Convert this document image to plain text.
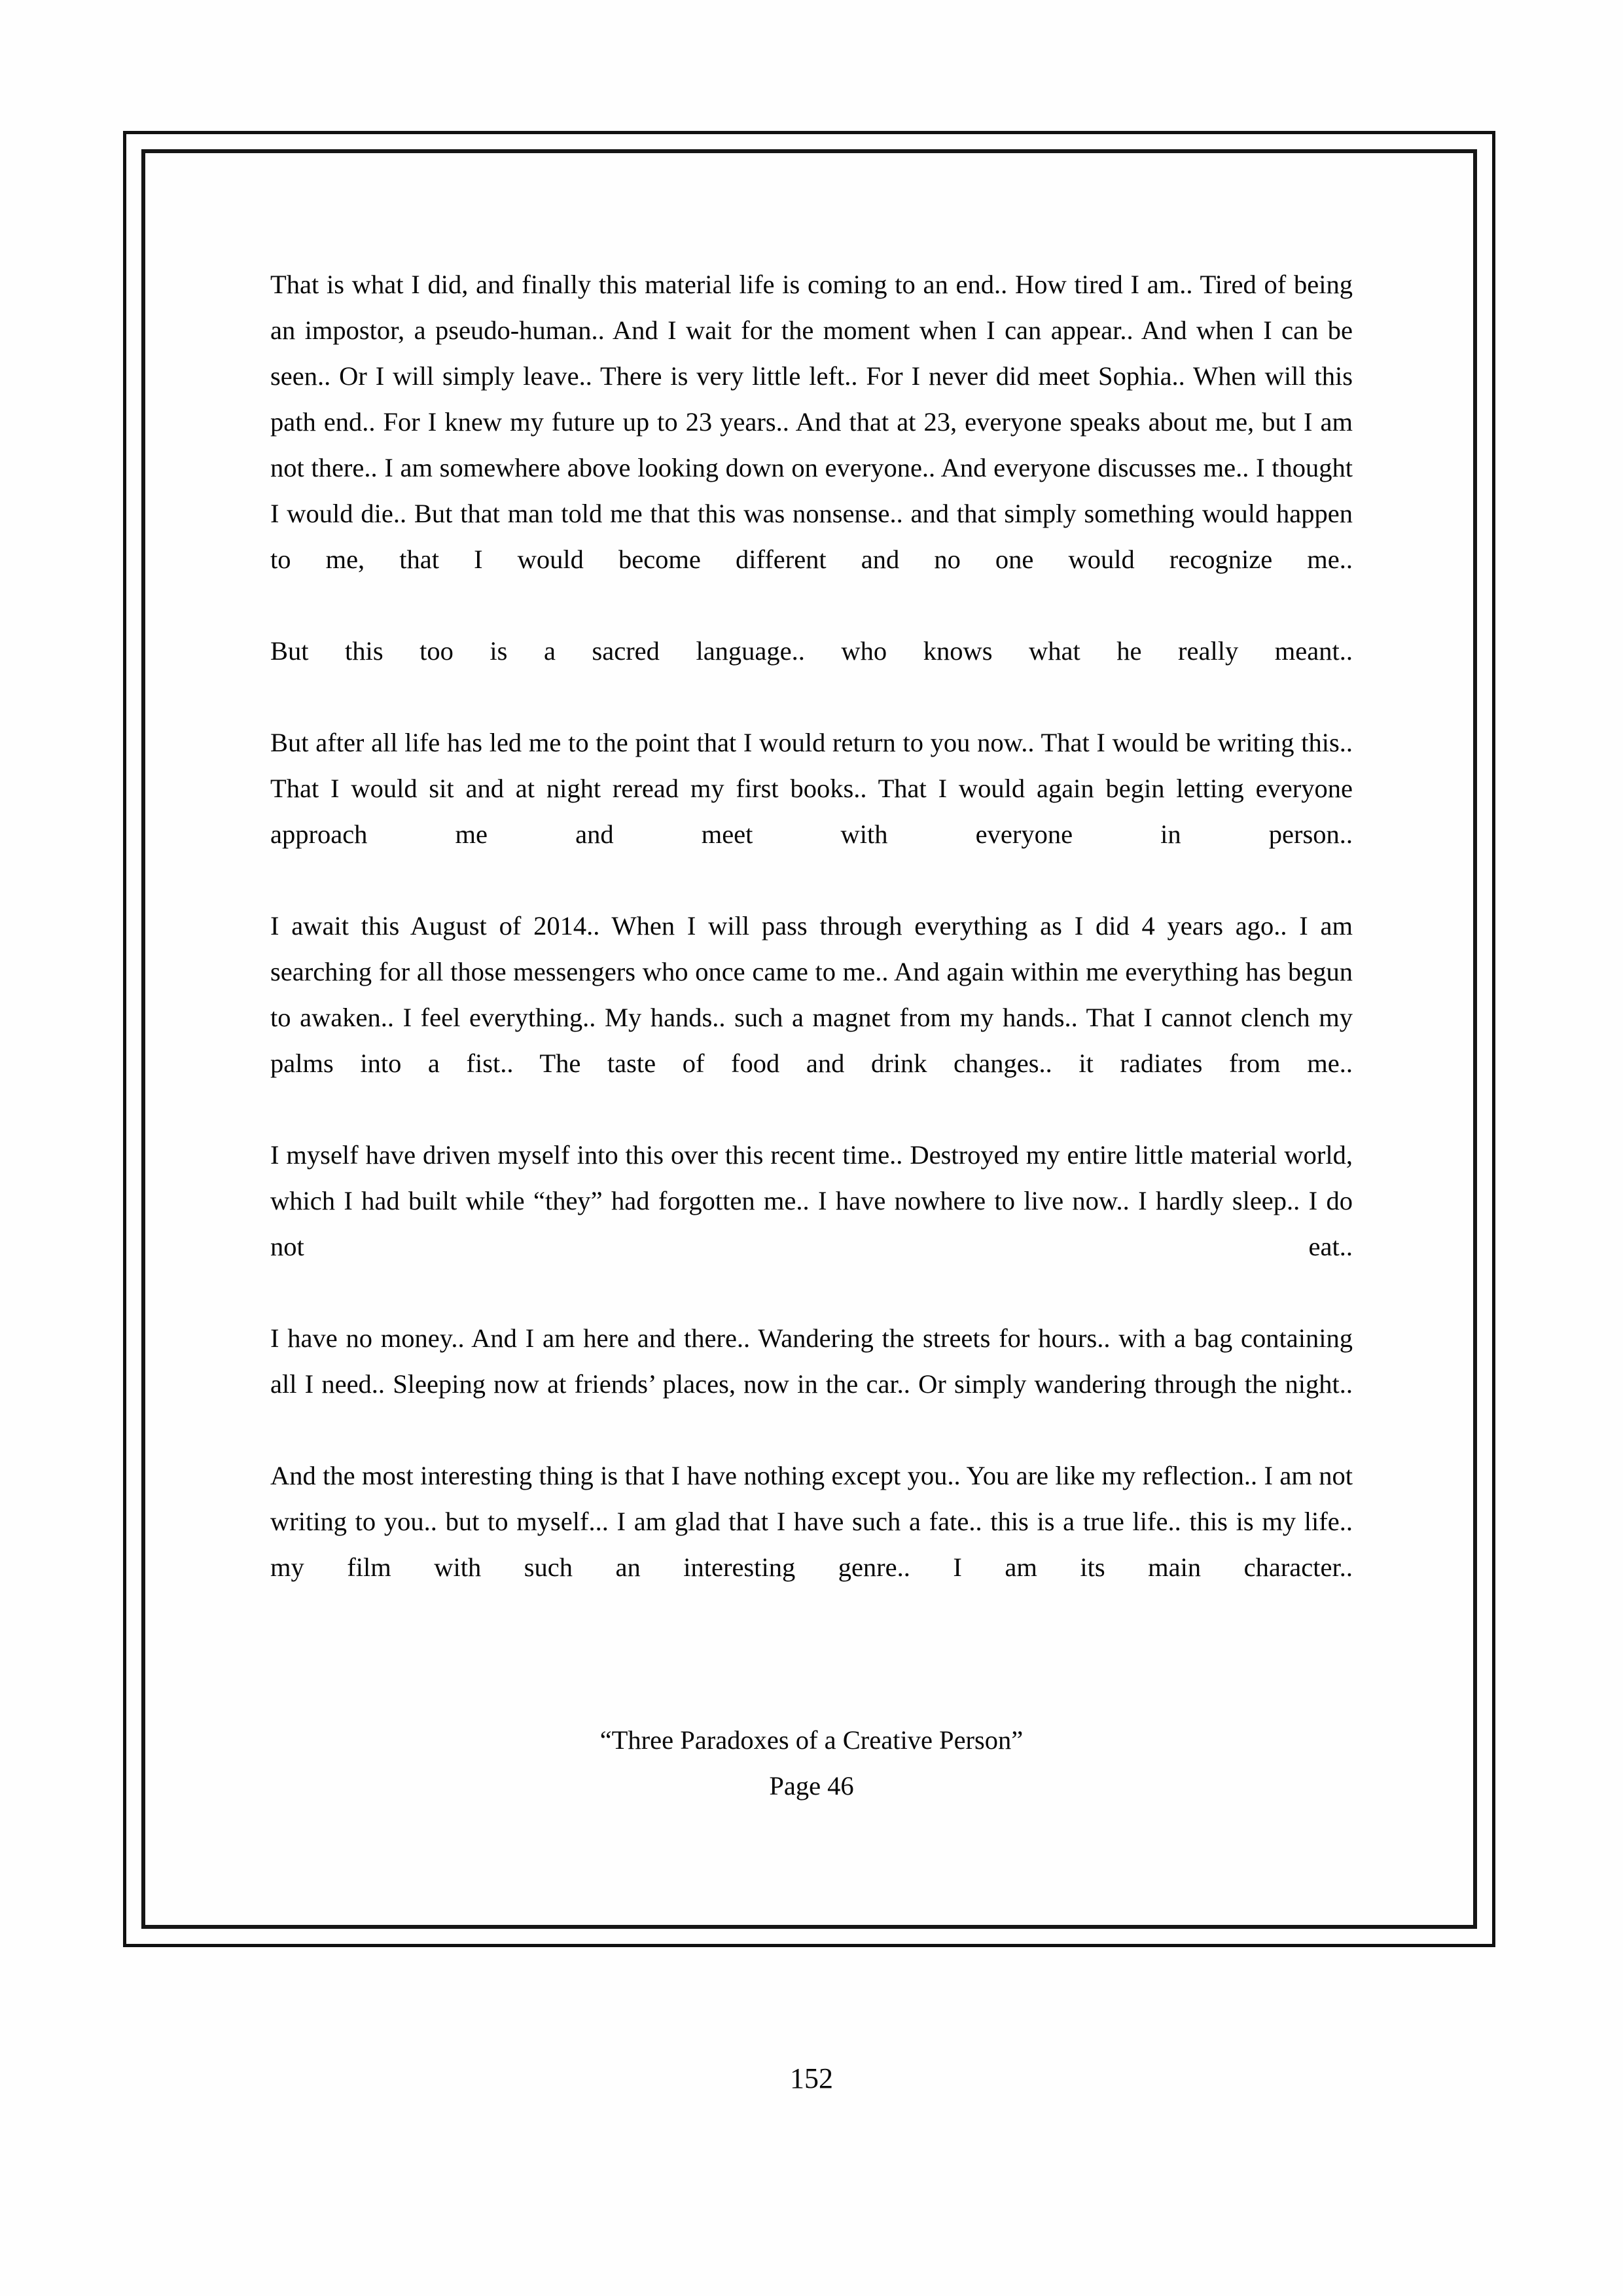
That is what I did, and finally this material life is coming to an end.. How tired I am.. Tired of being an impostor, a pseudo-human.. And I wait for the moment when I can appear.. And when I can be seen.. Or I will simply leave.. There is very little left.. For I never did meet Sophia.. When will this path end.. For I knew my future up to 23 years.. And that at 23, everyone speaks about me, but I am not there.. I am somewhere above looking down on everyone.. And everyone discusses me.. I thought I would die.. But that man told me that this was nonsense.. and that simply something would happen to me, that I would become different and no one would recognize me..

But this too is a sacred language.. who knows what he really meant..

But after all life has led me to the point that I would return to you now.. That I would be writing this.. That I would sit and at night reread my first books.. That I would again begin letting everyone approach me and meet with everyone in person..

I await this August of 2014.. When I will pass through everything as I did 4 years ago.. I am searching for all those messengers who once came to me.. And again within me everything has begun to awaken.. I feel everything.. My hands.. such a magnet from my hands.. That I cannot clench my palms into a fist.. The taste of food and drink changes.. it radiates from me..

I myself have driven myself into this over this recent time.. Destroyed my entire little material world, which I had built while “they” had forgotten me.. I have nowhere to live now.. I hardly sleep.. I do not eat..

I have no money.. And I am here and there.. Wandering the streets for hours.. with a bag containing all I need.. Sleeping now at friends’ places, now in the car.. Or simply wandering through the night..

And the most interesting thing is that I have nothing except you.. You are like my reflection.. I am not writing to you.. but to myself... I am glad that I have such a fate.. this is a true life.. this is my life.. my film with such an interesting genre.. I am its main character..

“Three Paradoxes of a Creative Person”

Page 46

152
